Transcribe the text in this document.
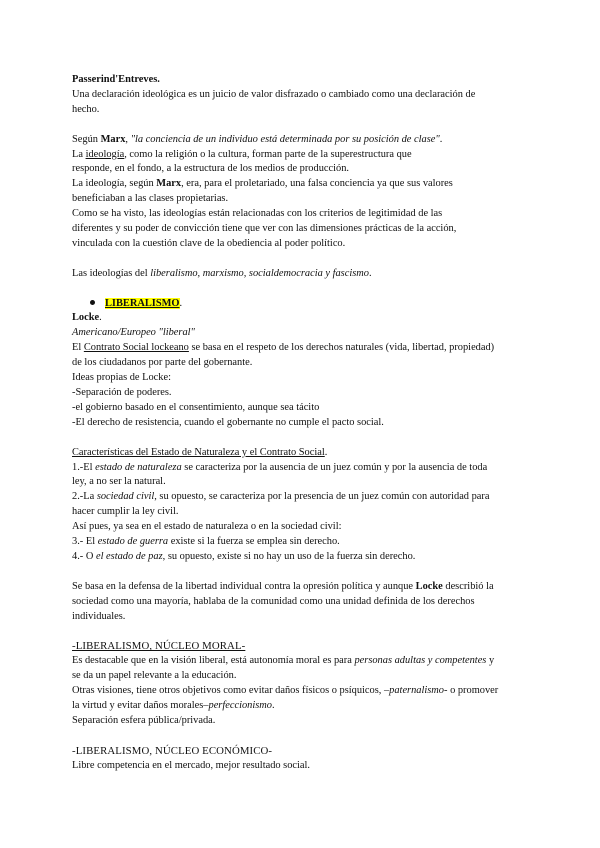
Passerind'Entreves.

Una declaración ideológica es un juicio de valor disfrazado o cambiado como una declaración de

hecho.

Según Marx, "la conciencia de un individuo está determinada por su posición de clase".

La ideología, como la religión o la cultura, forman parte de la superestructura que

responde, en el fondo, a la estructura de los medios de producción.

La ideología, según Marx, era, para el proletariado, una falsa conciencia ya que sus valores

beneficiaban a las clases propietarias.

Como se ha visto, las ideologías están relacionadas con los criterios de legitimidad de las

diferentes y su poder de convicción tiene que ver con las dimensiones prácticas de la acción,

vinculada con la cuestión clave de la obediencia al poder político.

Las ideologías del liberalismo, marxismo, socialdemocracia y fascismo.

LIBERALISMO.

Locke.

Americano/Europeo "liberal"

El Contrato Social lockeano se basa en el respeto de los derechos naturales (vida, libertad, propiedad)

de los ciudadanos por parte del gobernante.

Ideas propias de Locke:

-Separación de poderes.

-el gobierno basado en el consentimiento, aunque sea tácito

-El derecho de resistencia, cuando el gobernante no cumple el pacto social.

Características del Estado de Naturaleza y el Contrato Social.

1.-El estado de naturaleza se caracteriza por la ausencia de un juez común y por la ausencia de toda

ley, a no ser la natural.

2.-La sociedad civil, su opuesto, se caracteriza por la presencia de un juez común con autoridad para

hacer cumplir la ley civil.

Así pues, ya sea en el estado de naturaleza o en la sociedad civil:

3.- El estado de guerra existe si la fuerza se emplea sin derecho.

4.- O el estado de paz, su opuesto, existe si no hay un uso de la fuerza sin derecho.

Se basa en la defensa de la libertad individual contra la opresión política y aunque Locke describió la

sociedad como una mayoría, hablaba de la comunidad como una unidad definida de los derechos

individuales.

-LIBERALISMO, NÚCLEO MORAL-

Es destacable que en la visión liberal, está autonomía moral es para personas adultas y competentes y

se da un papel relevante a la educación.

Otras visiones, tiene otros objetivos como evitar daños físicos o psíquicos, –paternalismo- o promover

la virtud y evitar daños morales–perfeccionismo.

Separación esfera pública/privada.

-LIBERALISMO, NÚCLEO ECONÓMICO-

Libre competencia en el mercado, mejor resultado social.
